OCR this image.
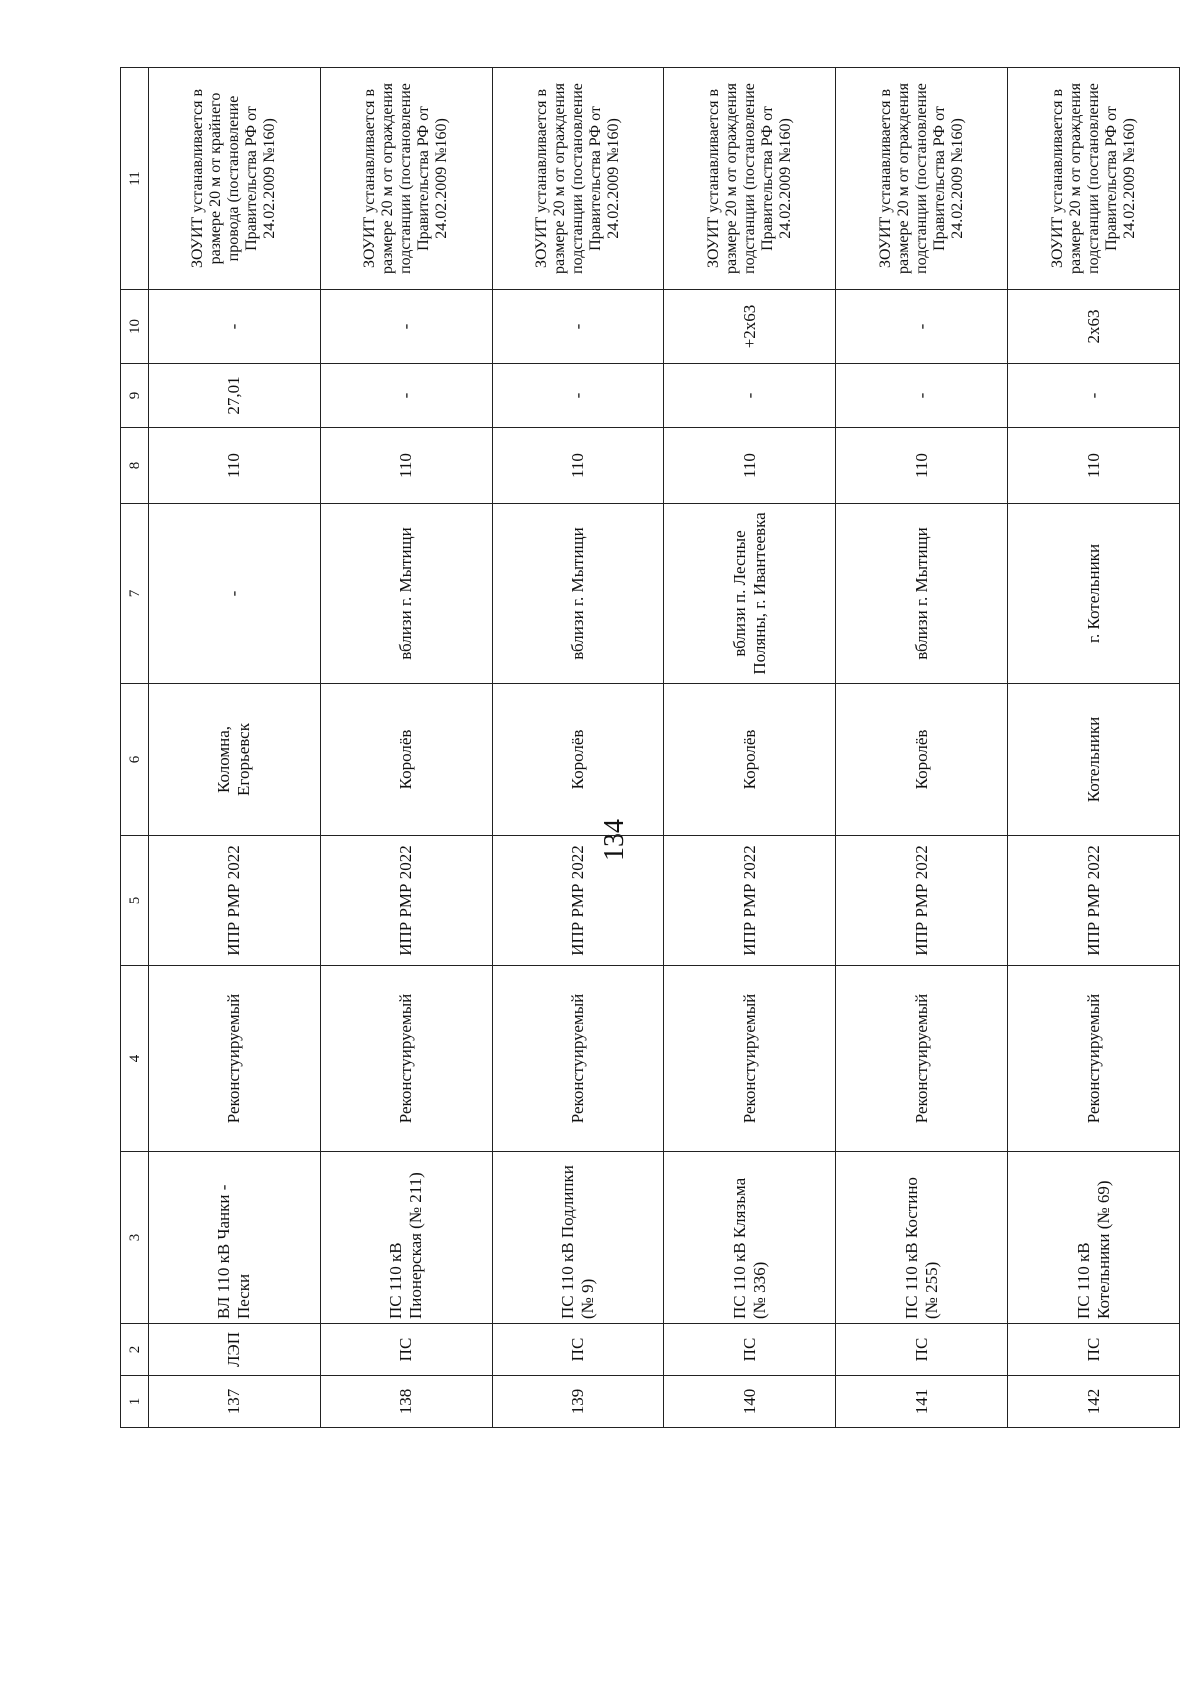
134
1	2	3	4	5	6	7	8	9	10	11
137	ЛЭП	ВЛ 110 кВ Чанки - Пески	Реконстуируемый	ИПР РМР 2022	Коломна, Егорьевск	-	110	27,01	-	ЗОУИТ устанавливается в размере 20 м от крайнего провода (постановление Правительства РФ от 24.02.2009 №160)
138	ПС	ПС 110 кВ Пионерская (№ 211)	Реконстуируемый	ИПР РМР 2022	Королёв	вблизи г. Мытищи	110	-	-	ЗОУИТ устанавливается в размере 20 м от ограждения подстанции (постановление Правительства РФ от 24.02.2009 №160)
139	ПС	ПС 110 кВ Подлипки (№ 9)	Реконстуируемый	ИПР РМР 2022	Королёв	вблизи г. Мытищи	110	-	-	ЗОУИТ устанавливается в размере 20 м от ограждения подстанции (постановление Правительства РФ от 24.02.2009 №160)
140	ПС	ПС 110 кВ Клязьма (№ 336)	Реконстуируемый	ИПР РМР 2022	Королёв	вблизи п. Лесные Поляны, г. Ивантеевка	110	-	+2x63	ЗОУИТ устанавливается в размере 20 м от ограждения подстанции (постановление Правительства РФ от 24.02.2009 №160)
141	ПС	ПС 110 кВ Костино (№ 255)	Реконстуируемый	ИПР РМР 2022	Королёв	вблизи г. Мытищи	110	-	-	ЗОУИТ устанавливается в размере 20 м от ограждения подстанции (постановление Правительства РФ от 24.02.2009 №160)
142	ПС	ПС 110 кВ Котельники (№ 69)	Реконстуируемый	ИПР РМР 2022	Котельники	г. Котельники	110	-	2x63	ЗОУИТ устанавливается в размере 20 м от ограждения подстанции (постановление Правительства РФ от 24.02.2009 №160)
